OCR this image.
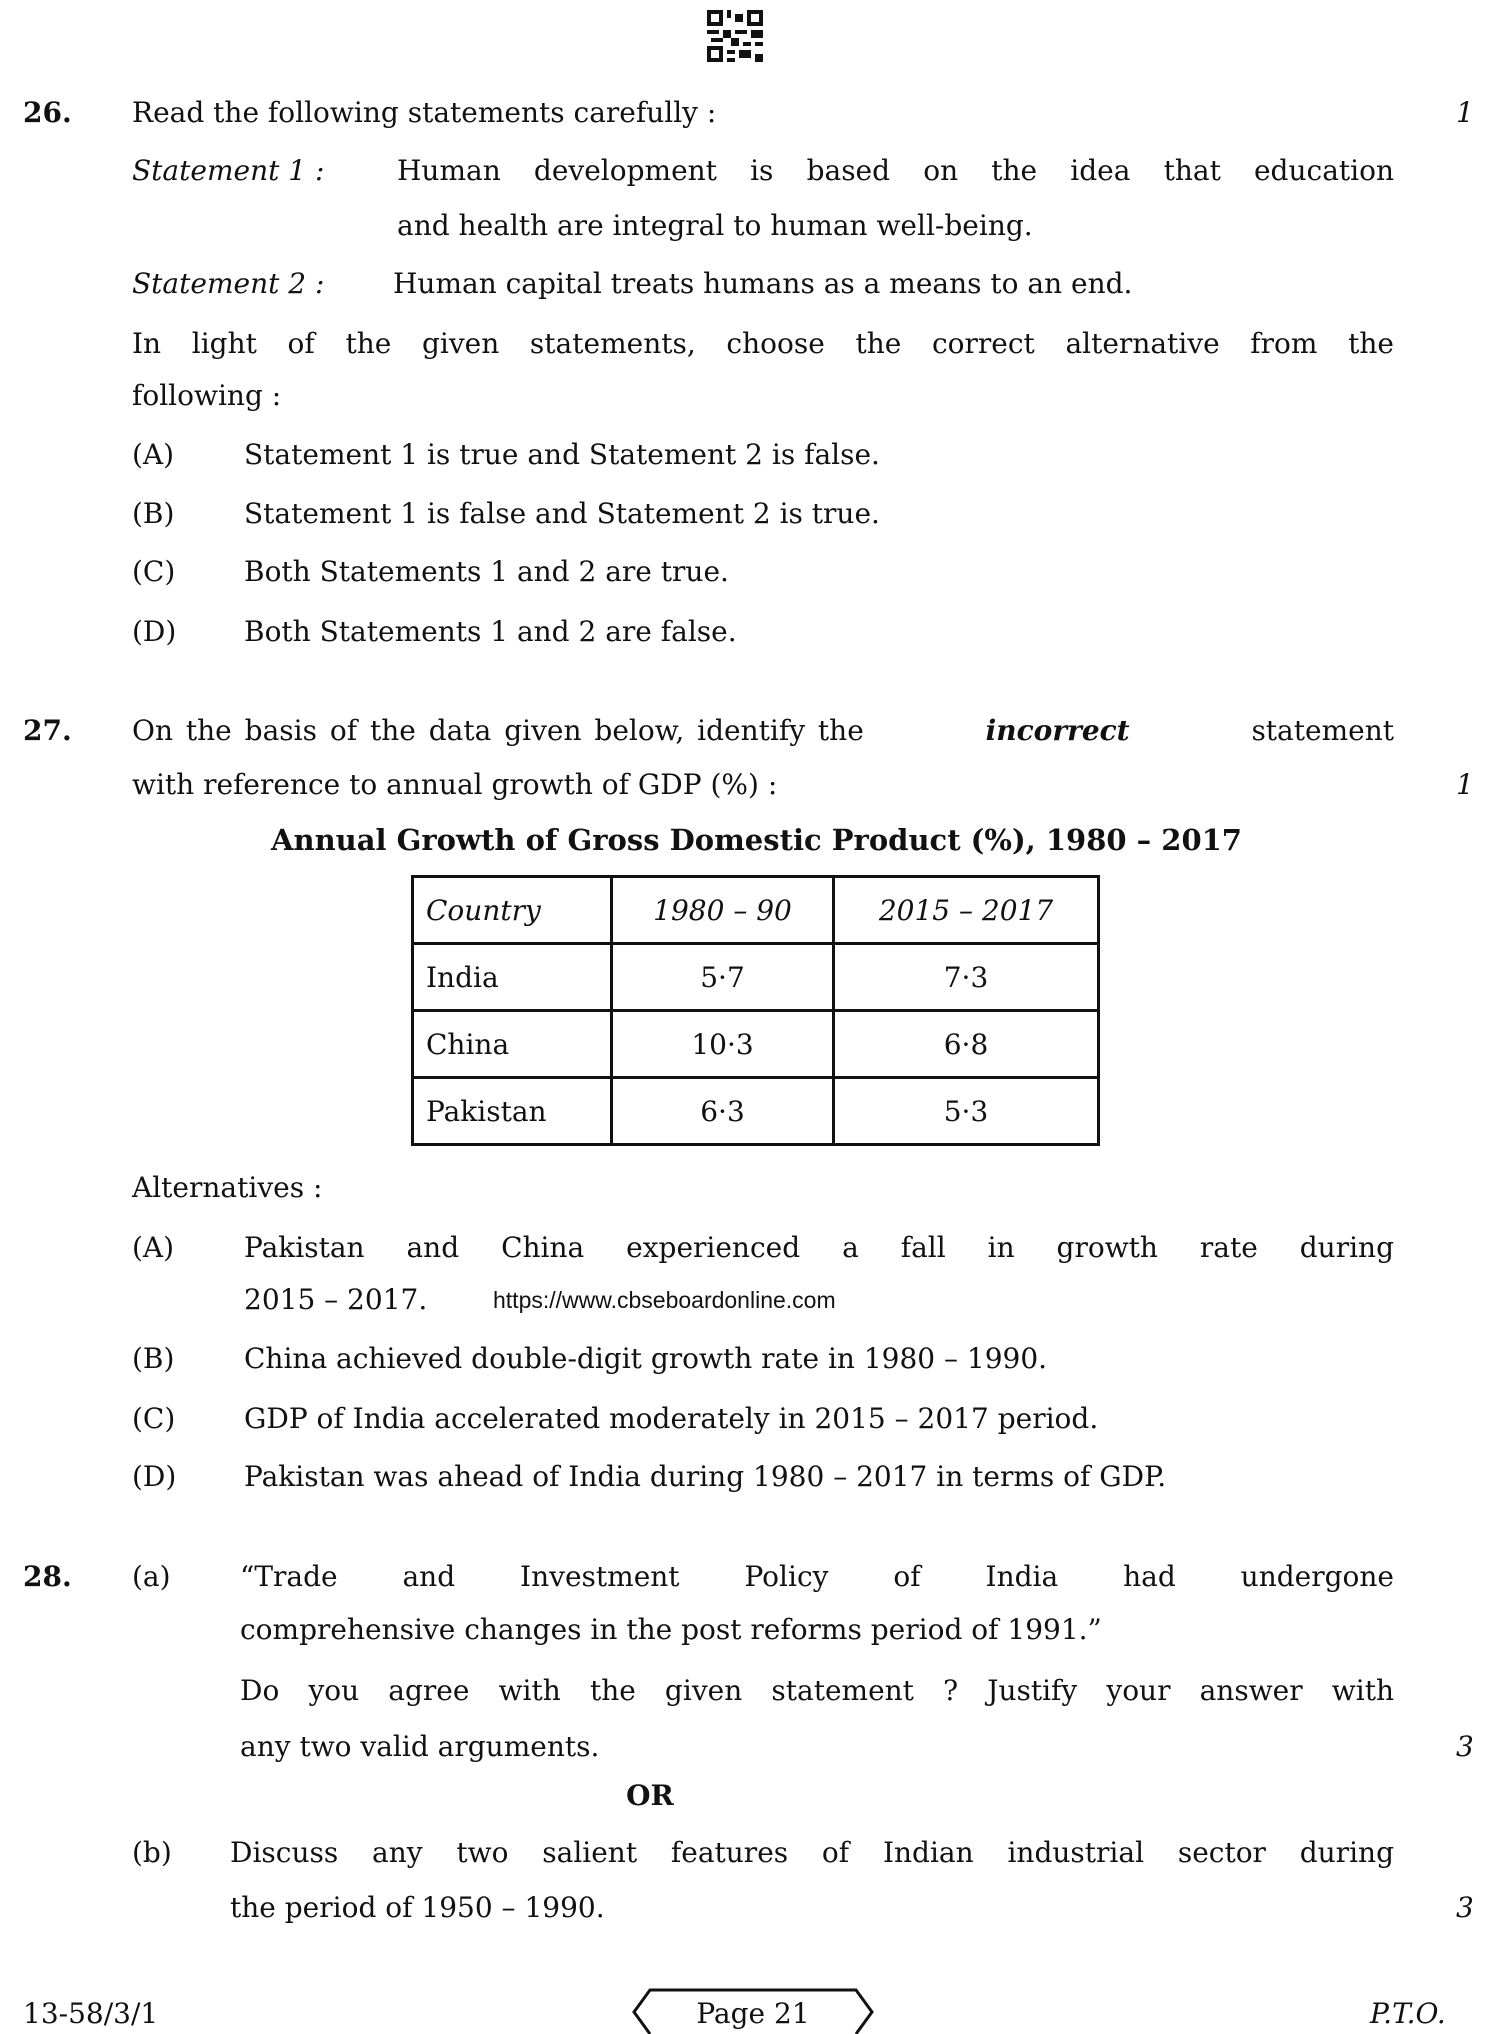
26. Read the following statements carefully :	1
Statement 1 :	Human development is based on the idea that education
and health are integral to human well-being.
Statement 2 : Human capital treats humans as a means to an end.
In light of the given statements, choose the correct alternative from the
following :
(A) Statement 1 is true and Statement 2 is false.
(B) Statement 1 is false and Statement 2 is true.
(C) Both Statements 1 and 2 are true.
(D) Both Statements 1 and 2 are false.
27. On the basis of the data given below, identify the	incorrect	statement
with reference to annual growth of GDP (%) :	1
Annual Growth of Gross Domestic Product (%), 1980 – 2017
Country	1980 – 90	2015 – 2017
India	5·7	7·3
China	10·3	6·8
Pakistan	6·3	5·3
Alternatives :
(A) Pakistan and China experienced a fall in growth rate during
2015 – 2017.	https://www.cbseboardonline.com
(B) China achieved double-digit growth rate in 1980 – 1990.
(C) GDP of India accelerated moderately in 2015 – 2017 period.
(D) Pakistan was ahead of India during 1980 – 2017 in terms of GDP.
28. (a) “Trade and Investment Policy of India had undergone
comprehensive changes in the post reforms period of 1991.”
Do you agree with the given statement ? Justify your answer with
any two valid arguments.	3
OR
(b) Discuss any two salient features of Indian industrial sector during
the period of 1950 – 1990.	3
13-58/3/1	Page 21	P.T.O.
